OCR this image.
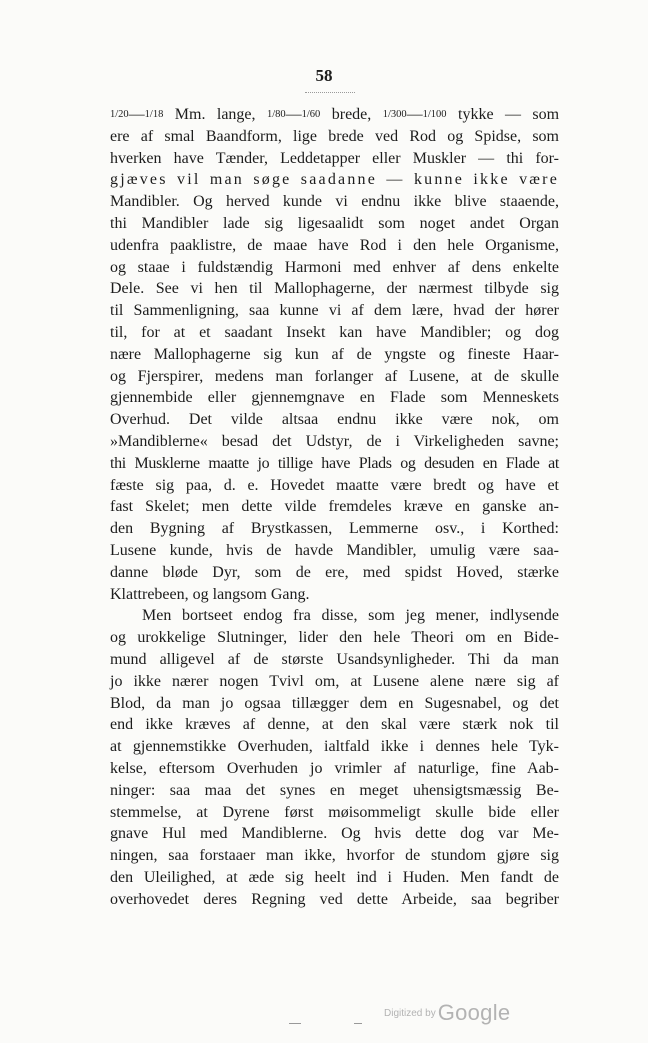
58
1/20—1/18 Mm. lange, 1/80—1/60 brede, 1/300—1/100 tykke — som
ere af smal Baandform, lige brede ved Rod og Spidse, som
hverken have Tænder, Leddetapper eller Muskler — thi for-
gjæves vil man søge saadanne — kunne ikke være
Mandibler. Og herved kunde vi endnu ikke blive staaende,
thi Mandibler lade sig ligesaalidt som noget andet Organ
udenfra paaklistre, de maae have Rod i den hele Organisme,
og staae i fuldstændig Harmoni med enhver af dens enkelte
Dele. See vi hen til Mallophagerne, der nærmest tilbyde sig
til Sammenligning, saa kunne vi af dem lære, hvad der hører
til, for at et saadant Insekt kan have Mandibler; og dog
nære Mallophagerne sig kun af de yngste og fineste Haar-
og Fjerspirer, medens man forlanger af Lusene, at de skulle
gjennembide eller gjennemgnave en Flade som Menneskets
Overhud. Det vilde altsaa endnu ikke være nok, om
»Mandiblerne« besad det Udstyr, de i Virkeligheden savne;
thi Musklerne maatte jo tillige have Plads og desuden en Flade at
fæste sig paa, d. e. Hovedet maatte være bredt og have et
fast Skelet; men dette vilde fremdeles kræve en ganske an-
den Bygning af Brystkassen, Lemmerne osv., i Korthed:
Lusene kunde, hvis de havde Mandibler, umulig være saa-
danne bløde Dyr, som de ere, med spidst Hoved, stærke
Klattrebeen, og langsom Gang.
Men bortseet endog fra disse, som jeg mener, indlysende
og urokkelige Slutninger, lider den hele Theori om en Bide-
mund alligevel af de største Usandsynligheder. Thi da man
jo ikke nærer nogen Tvivl om, at Lusene alene nære sig af
Blod, da man jo ogsaa tillægger dem en Sugesnabel, og det
end ikke kræves af denne, at den skal være stærk nok til
at gjennemstikke Overhuden, ialtfald ikke i dennes hele Tyk-
kelse, eftersom Overhuden jo vrimler af naturlige, fine Aab-
ninger: saa maa det synes en meget uhensigtsmæssig Be-
stemmelse, at Dyrene først møisommeligt skulle bide eller
gnave Hul med Mandiblerne. Og hvis dette dog var Me-
ningen, saa forstaaer man ikke, hvorfor de stundom gjøre sig
den Uleilighed, at æde sig heelt ind i Huden. Men fandt de
overhovedet deres Regning ved dette Arbeide, saa begriber
$^{Digitized by}$Google
